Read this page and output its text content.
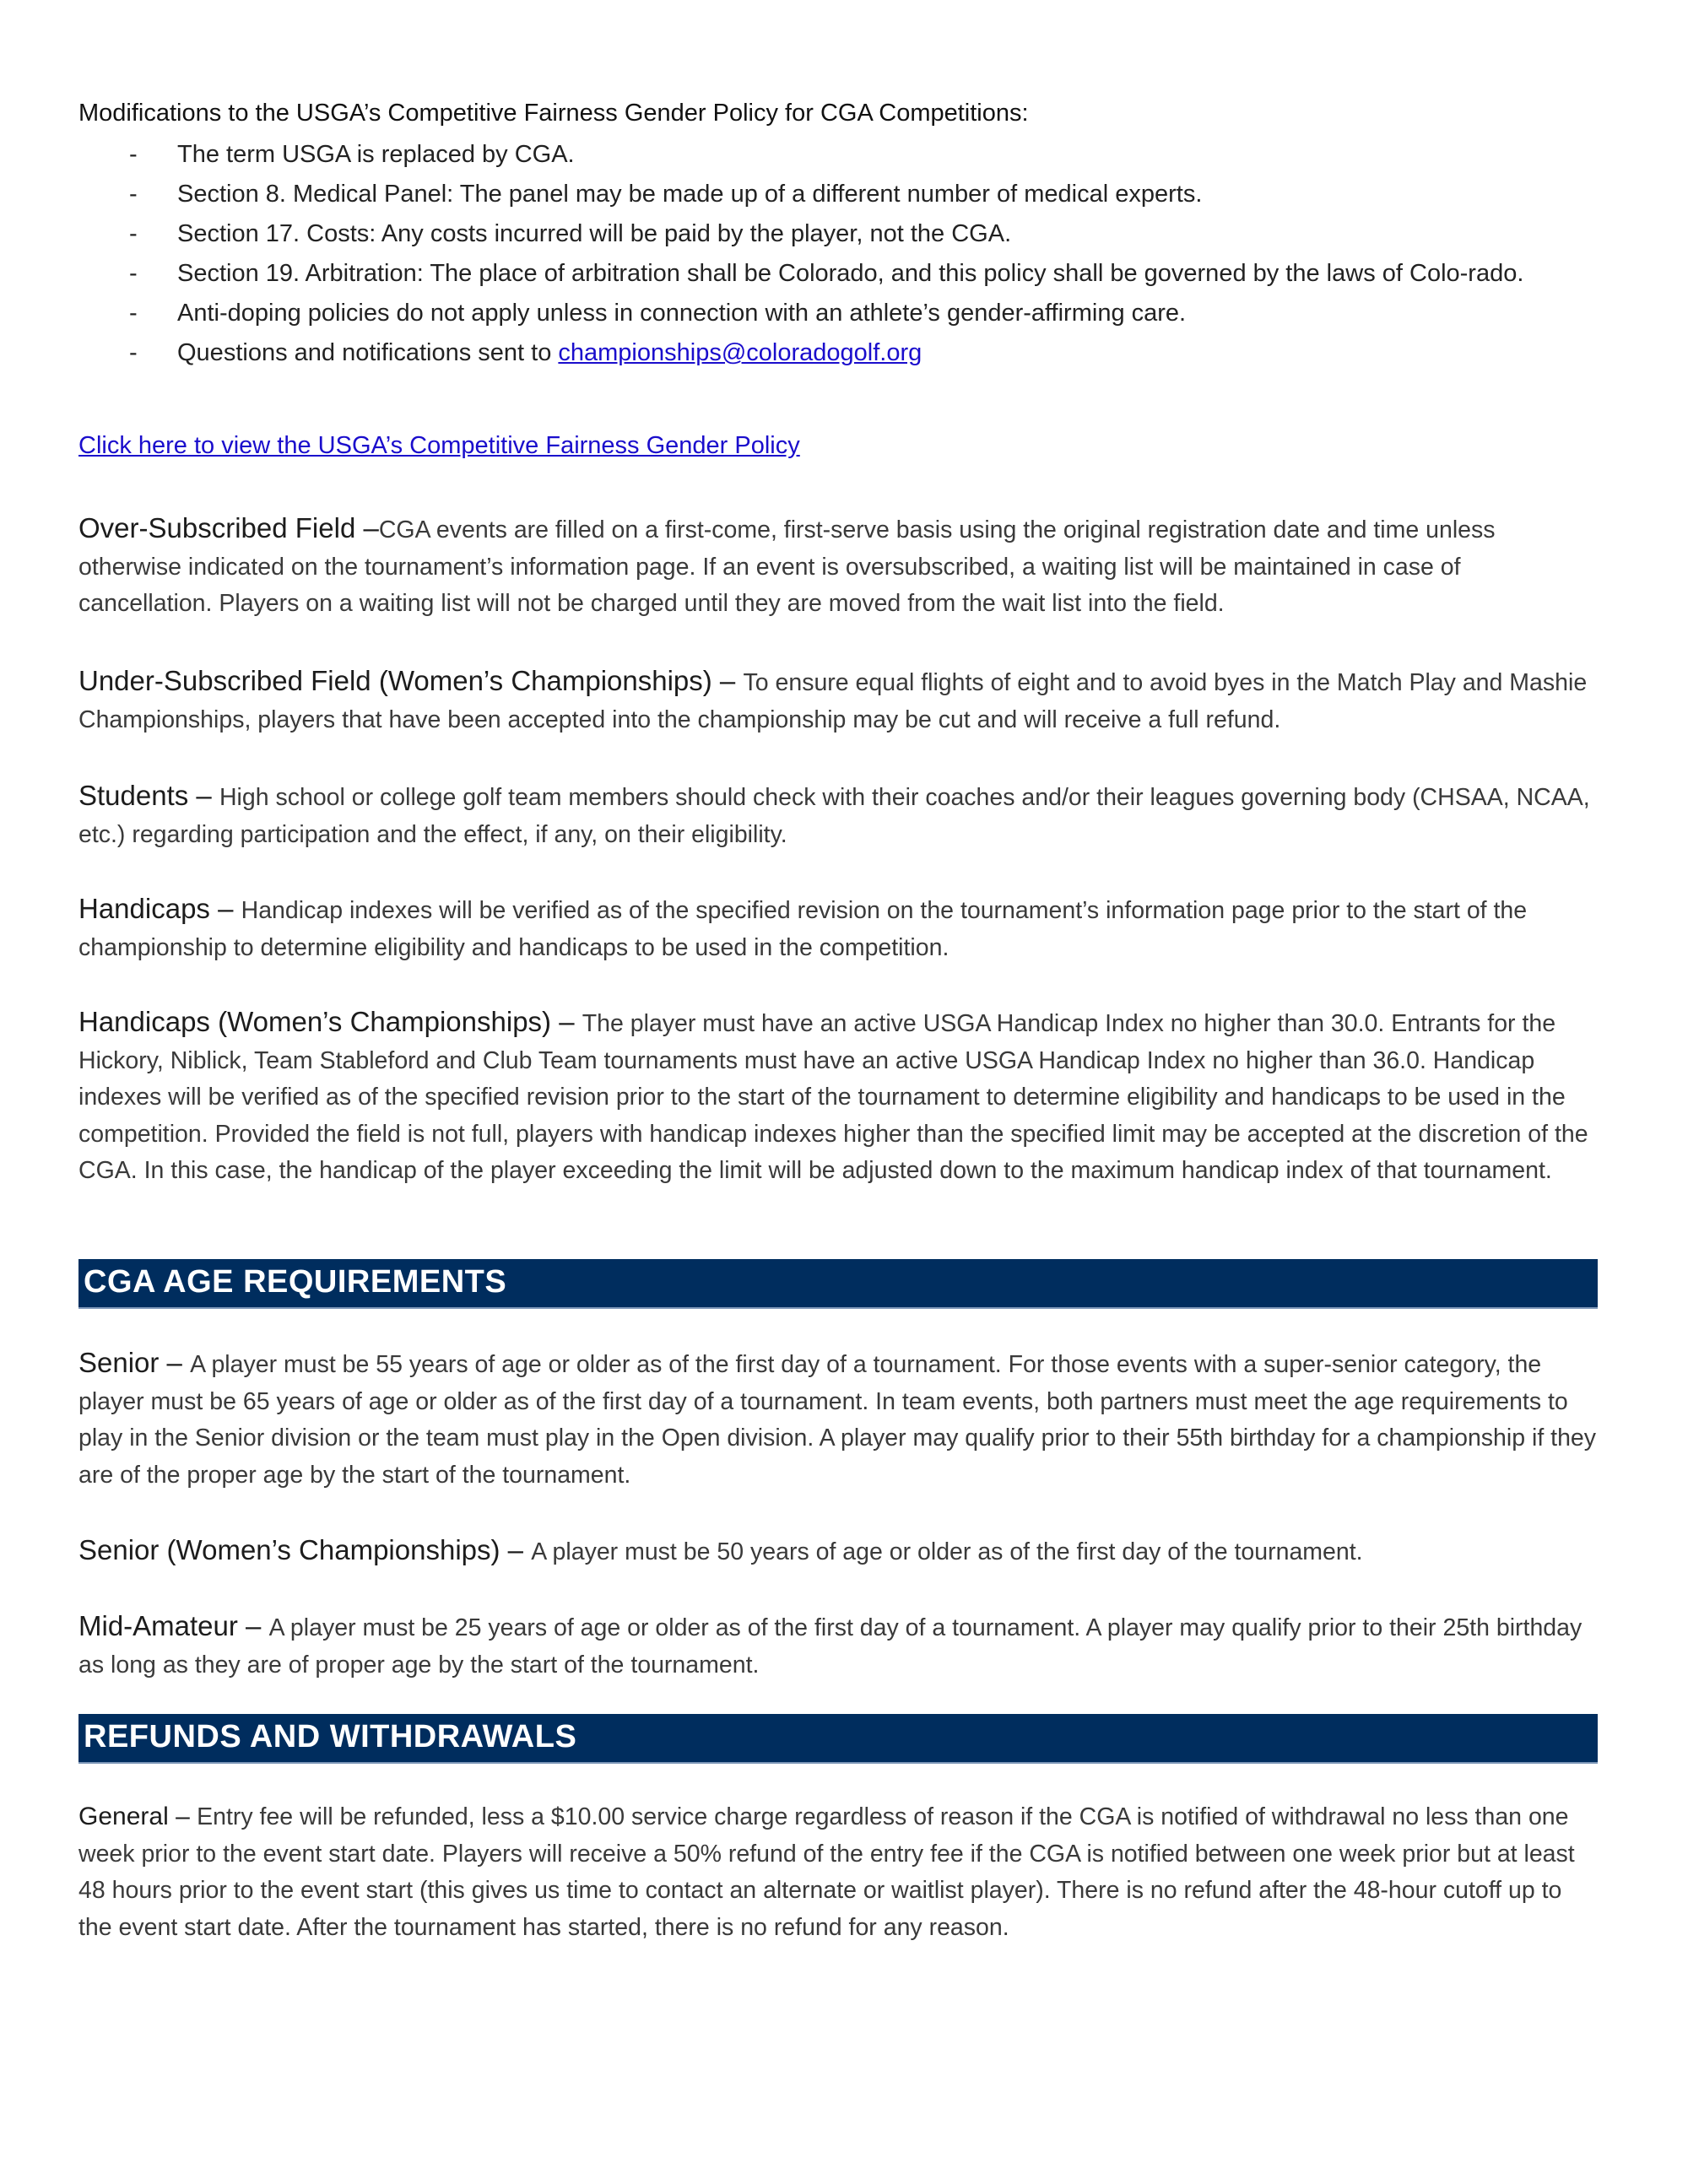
Modifications to the USGA’s Competitive Fairness Gender Policy for CGA Competitions:
- The term USGA is replaced by CGA.
- Section 8. Medical Panel: The panel may be made up of a different number of medical experts.
- Section 17. Costs: Any costs incurred will be paid by the player, not the CGA.
- Section 19. Arbitration: The place of arbitration shall be Colorado, and this policy shall be governed by the laws of Colo-rado.
- Anti-doping policies do not apply unless in connection with an athlete’s gender-affirming care.
- Questions and notifications sent to championships@coloradogolf.org
Click here to view the USGA’s Competitive Fairness Gender Policy
Over-Subscribed Field –CGA events are filled on a first-come, first-serve basis using the original registration date and time unless otherwise indicated on the tournament’s information page. If an event is oversubscribed, a waiting list will be maintained in case of cancellation. Players on a waiting list will not be charged until they are moved from the wait list into the field.
Under-Subscribed Field (Women’s Championships) – To ensure equal flights of eight and to avoid byes in the Match Play and Mashie Championships, players that have been accepted into the championship may be cut and will receive a full refund.
Students – High school or college golf team members should check with their coaches and/or their leagues governing body (CHSAA, NCAA, etc.) regarding participation and the effect, if any, on their eligibility.
Handicaps – Handicap indexes will be verified as of the specified revision on the tournament’s information page prior to the start of the championship to determine eligibility and handicaps to be used in the competition.
Handicaps (Women’s Championships) – The player must have an active USGA Handicap Index no higher than 30.0. Entrants for the Hickory, Niblick, Team Stableford and Club Team tournaments must have an active USGA Handicap Index no higher than 36.0. Handicap indexes will be verified as of the specified revision prior to the start of the tournament to determine eligibility and handicaps to be used in the competition. Provided the field is not full, players with handicap indexes higher than the specified limit may be accepted at the discretion of the CGA. In this case, the handicap of the player exceeding the limit will be adjusted down to the maximum handicap index of that tournament.
CGA AGE REQUIREMENTS
Senior – A player must be 55 years of age or older as of the first day of a tournament. For those events with a super-senior category, the player must be 65 years of age or older as of the first day of a tournament. In team events, both partners must meet the age requirements to play in the Senior division or the team must play in the Open division. A player may qualify prior to their 55th birthday for a championship if they are of the proper age by the start of the tournament.
Senior (Women’s Championships) – A player must be 50 years of age or older as of the first day of the tournament.
Mid-Amateur – A player must be 25 years of age or older as of the first day of a tournament. A player may qualify prior to their 25th birthday as long as they are of proper age by the start of the tournament.
REFUNDS AND WITHDRAWALS
General – Entry fee will be refunded, less a $10.00 service charge regardless of reason if the CGA is notified of withdrawal no less than one week prior to the event start date. Players will receive a 50% refund of the entry fee if the CGA is notified between one week prior but at least 48 hours prior to the event start (this gives us time to contact an alternate or waitlist player). There is no refund after the 48-hour cutoff up to the event start date. After the tournament has started, there is no refund for any reason.
